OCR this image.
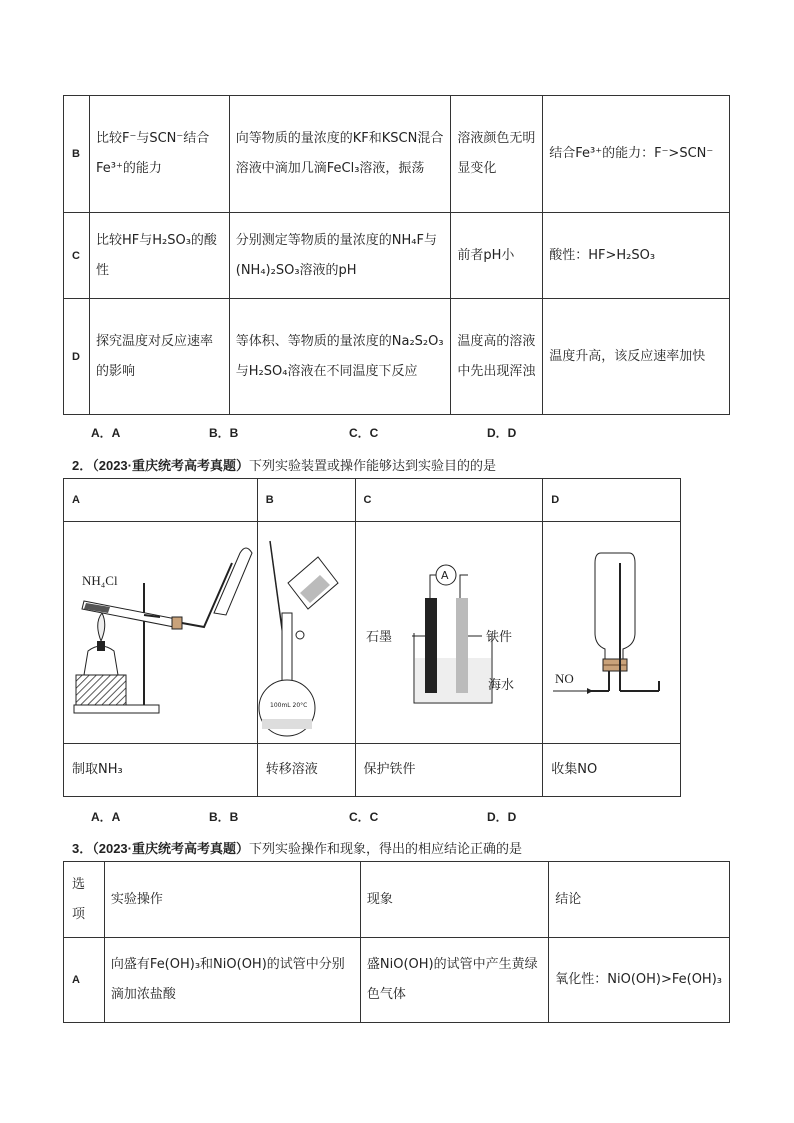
B	比较F⁻与SCN⁻结合Fe³⁺的能力	向等物质的量浓度的KF和KSCN混合溶液中滴加几滴FeCl₃溶液，振荡	溶液颜色无明显变化	结合Fe³⁺的能力：F⁻>SCN⁻
C	比较HF与H₂SO₃的酸性	分别测定等物质的量浓度的NH₄F与(NH₄)₂SO₃溶液的pH	前者pH小	酸性：HF>H₂SO₃
D	探究温度对反应速率的影响	等体积、等物质的量浓度的Na₂S₂O₃与H₂SO₄溶液在不同温度下反应	温度高的溶液中先出现浑浊	温度升高，该反应速率加快
A．A	B．B	C．C	D．D
2．（2023·重庆统考高考真题）下列实验装置或操作能够达到实验目的的是
A	B	C	D

NH₄Cl	100mL 20°C	A
石墨 铁件
海水	NO

制取NH₃	转移溶液	保护铁件	收集NO
A．A	B．B	C．C	D．D
3．（2023·重庆统考高考真题）下列实验操作和现象，得出的相应结论正确的是
选项	实验操作	现象	结论
A	向盛有Fe(OH)₃和NiO(OH)的试管中分别滴加浓盐酸	盛NiO(OH)的试管中产生黄绿色气体	氧化性：NiO(OH)>Fe(OH)₃
